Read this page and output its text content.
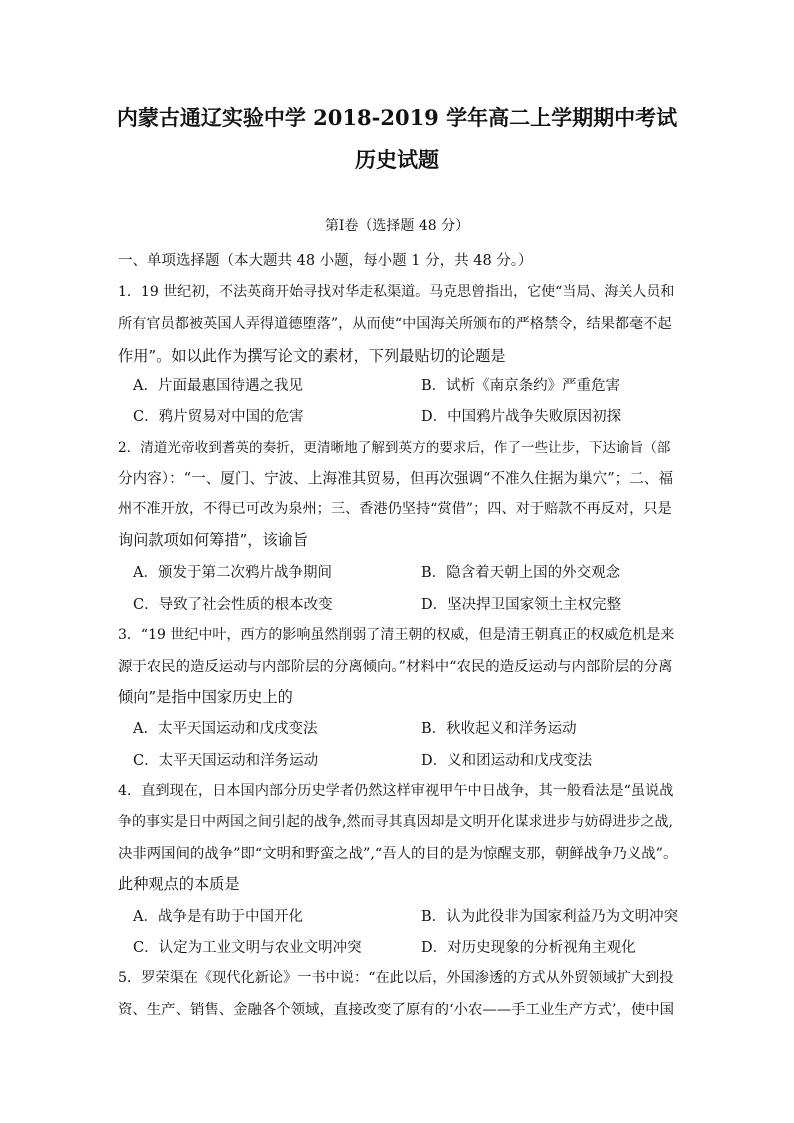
内蒙古通辽实验中学 2018-2019 学年高二上学期期中考试
历史试题
第Ⅰ卷（选择题 48 分）
一、单项选择题（本大题共 48 小题，每小题 1 分，共 48 分。）
1．19 世纪初，不法英商开始寻找对华走私渠道。马克思曾指出，它使“当局、海关人员和
所有官员都被英国人弄得道德堕落”，从而使“中国海关所颁布的严格禁令，结果都毫不起
作用”。如以此作为撰写论文的素材，下列最贴切的论题是
A．片面最惠国待遇之我见	B．试析《南京条约》严重危害
C．鸦片贸易对中国的危害	D．中国鸦片战争失败原因初探
2．清道光帝收到耆英的奏折，更清晰地了解到英方的要求后，作了一些让步，下达谕旨（部
分内容）：“一、厦门、宁波、上海准其贸易，但再次强调“不准久住据为巢穴”；二、福
州不准开放，不得已可改为泉州；三、香港仍坚持“赏借”；四、对于赔款不再反对，只是
询问款项如何筹措”，该谕旨
A．颁发于第二次鸦片战争期间	B．隐含着天朝上国的外交观念
C．导致了社会性质的根本改变	D．坚决捍卫国家领土主权完整
3．“19 世纪中叶，西方的影响虽然削弱了清王朝的权威，但是清王朝真正的权威危机是来
源于农民的造反运动与内部阶层的分离倾向。”材料中“农民的造反运动与内部阶层的分离
倾向”是指中国家历史上的
A．太平天国运动和戊戌变法	B．秋收起义和洋务运动
C．太平天国运动和洋务运动	D．义和团运动和戊戌变法
4．直到现在，日本国内部分历史学者仍然这样审视甲午中日战争，其一般看法是“虽说战
争的事实是日中两国之间引起的战争,然而寻其真因却是文明开化谋求进步与妨碍进步之战,
决非两国间的战争”即“文明和野蛮之战”,“吾人的目的是为惊醒支那，朝鲜战争乃义战”。
此种观点的本质是
A．战争是有助于中国开化	B．认为此役非为国家利益乃为文明冲突
C．认定为工业文明与农业文明冲突	D．对历史现象的分析视角主观化
5．罗荣渠在《现代化新论》一书中说：“在此以后，外国渗透的方式从外贸领域扩大到投
资、生产、销售、金融各个领域，直接改变了原有的‘小农——手工业生产方式’，使中国
